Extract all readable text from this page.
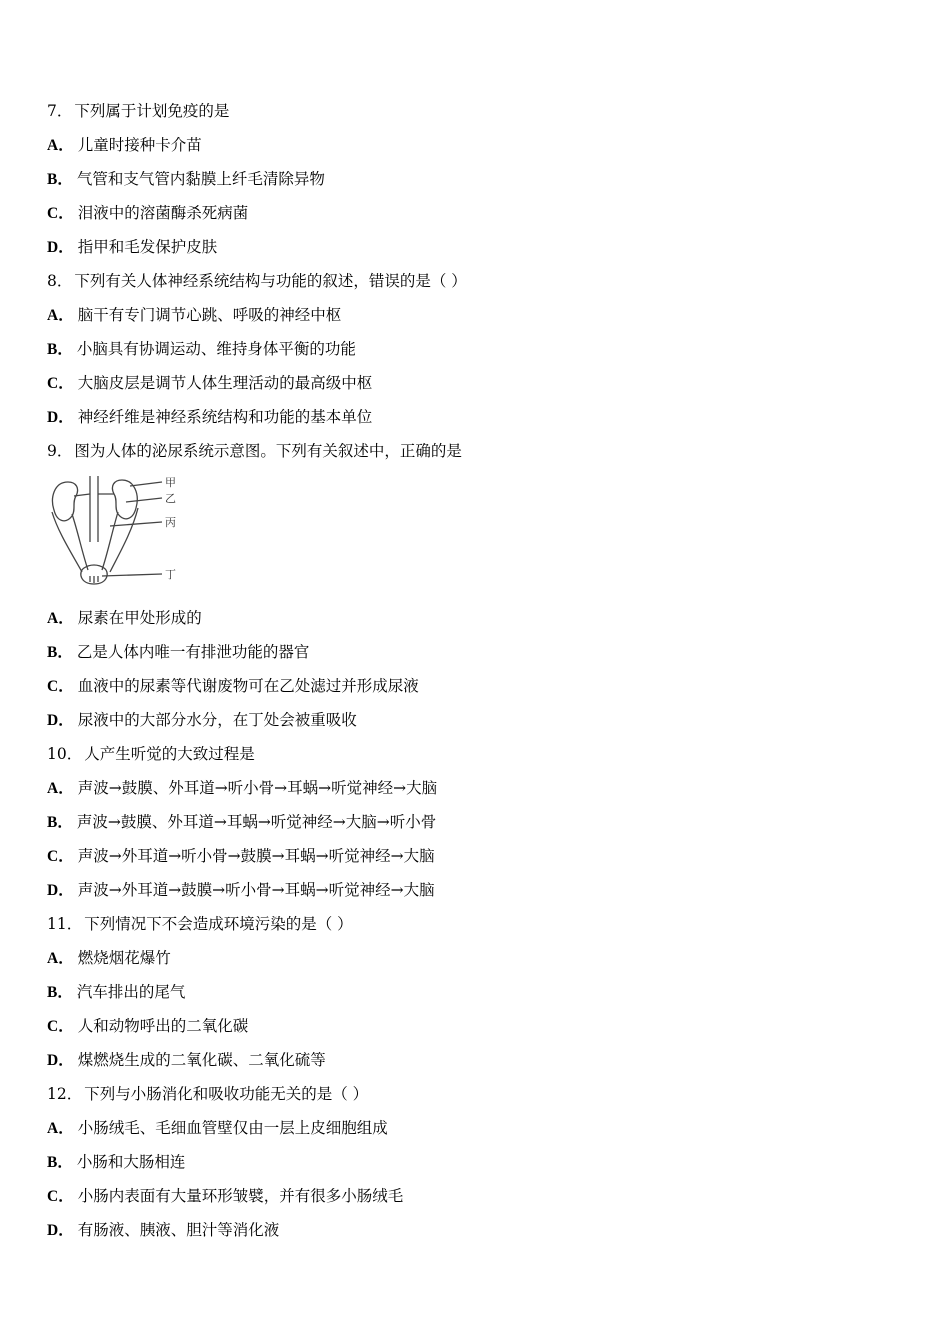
7． 下列属于计划免疫的是
A． 儿童时接种卡介苗
B． 气管和支气管内黏膜上纤毛清除异物
C． 泪液中的溶菌酶杀死病菌
D． 指甲和毛发保护皮肤
8． 下列有关人体神经系统结构与功能的叙述，错误的是（ ）
A． 脑干有专门调节心跳、呼吸的神经中枢
B． 小脑具有协调运动、维持身体平衡的功能
C． 大脑皮层是调节人体生理活动的最高级中枢
D． 神经纤维是神经系统结构和功能的基本单位
9． 图为人体的泌尿系统示意图。下列有关叙述中，正确的是
甲
乙
丙
丁
A． 尿素在甲处形成的
B． 乙是人体内唯一有排泄功能的器官
C． 血液中的尿素等代谢废物可在乙处滤过并形成尿液
D． 尿液中的大部分水分，在丁处会被重吸收
10． 人产生听觉的大致过程是
A． 声波→鼓膜、外耳道→听小骨→耳蜗→听觉神经→大脑
B． 声波→鼓膜、外耳道→耳蜗→听觉神经→大脑→听小骨
C． 声波→外耳道→听小骨→鼓膜→耳蜗→听觉神经→大脑
D． 声波→外耳道→鼓膜→听小骨→耳蜗→听觉神经→大脑
11． 下列情况下不会造成环境污染的是（ ）
A． 燃烧烟花爆竹
B． 汽车排出的尾气
C． 人和动物呼出的二氧化碳
D． 煤燃烧生成的二氧化碳、二氧化硫等
12． 下列与小肠消化和吸收功能无关的是（ ）
A． 小肠绒毛、毛细血管壁仅由一层上皮细胞组成
B． 小肠和大肠相连
C． 小肠内表面有大量环形皱襞，并有很多小肠绒毛
D． 有肠液、胰液、胆汁等消化液
